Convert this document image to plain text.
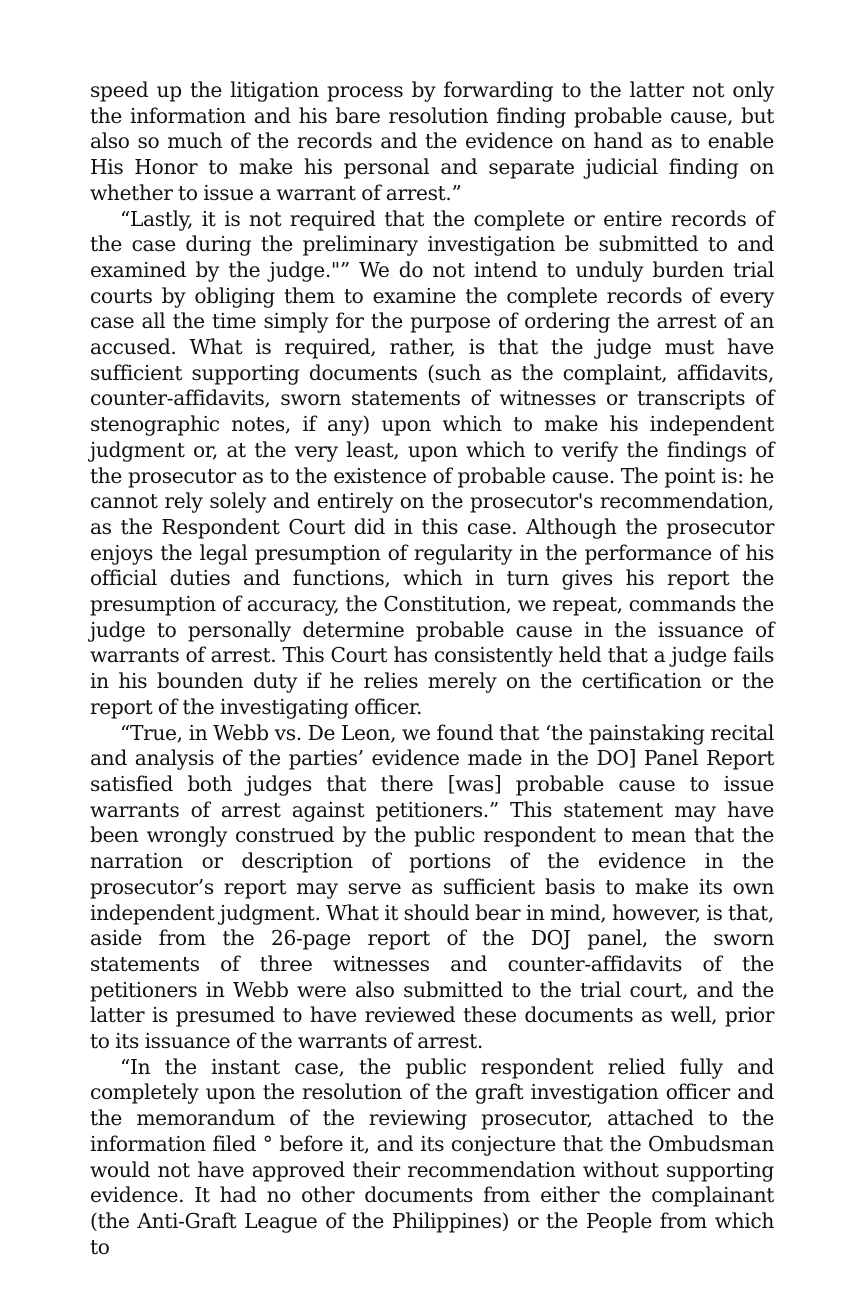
speed up the litigation process by forwarding to the latter not only the information and his bare resolution finding probable cause, but also so much of the records and the evidence on hand as to enable His Honor to make his personal and separate judicial finding on whether to issue a warrant of arrest.”

“Lastly, it is not required that the complete or entire records of the case during the preliminary investigation be submitted to and examined by the judge."” We do not intend to unduly burden trial courts by obliging them to examine the complete records of every case all the time simply for the purpose of ordering the arrest of an accused. What is required, rather, is that the judge must have sufficient supporting documents (such as the complaint, affidavits, counter-affidavits, sworn statements of witnesses or transcripts of stenographic notes, if any) upon which to make his independent judgment or, at the very least, upon which to verify the findings of the prosecutor as to the existence of probable cause. The point is: he cannot rely solely and entirely on the prosecutor's recommendation, as the Respondent Court did in this case. Although the prosecutor enjoys the legal presumption of regularity in the performance of his official duties and functions, which in turn gives his report the presumption of accuracy, the Constitution, we repeat, commands the judge to personally determine probable cause in the issuance of warrants of arrest. This Court has consistently held that a judge fails in his bounden duty if he relies merely on the certification or the report of the investigating officer.

“True, in Webb vs. De Leon, we found that ‘the painstaking recital and analysis of the parties’ evidence made in the DO] Panel Report satisfied both judges that there [was] probable cause to issue warrants of arrest against petitioners.” This statement may have been wrongly construed by the public respondent to mean that the narration or description of portions of the evidence in the prosecutor’s report may serve as sufficient basis to make its own independent judgment. What it should bear in mind, however, is that, aside from the 26-page report of the DOJ panel, the sworn statements of three witnesses and counter-affidavits of the petitioners in Webb were also submitted to the trial court, and the latter is presumed to have reviewed these documents as well, prior to its issuance of the warrants of arrest.

“In the instant case, the public respondent relied fully and completely upon the resolution of the graft investigation officer and the memorandum of the reviewing prosecutor, attached to the information filed ° before it, and its conjecture that the Ombudsman would not have approved their recommendation without supporting evidence. It had no other documents from either the complainant (the Anti-Graft League of the Philippines) or the People from which to
